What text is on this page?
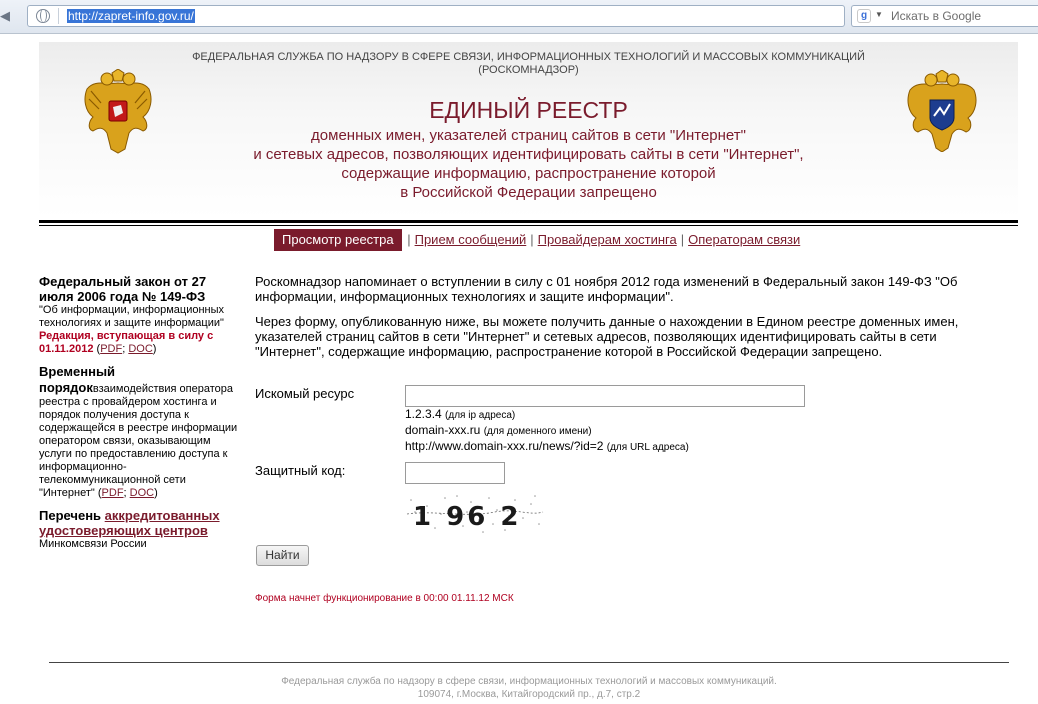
◀	http://zapret-info.gov.ru/	g ▼ Искать в Google
ФЕДЕРАЛЬНАЯ СЛУЖБА ПО НАДЗОРУ В СФЕРЕ СВЯЗИ, ИНФОРМАЦИОННЫХ ТЕХНОЛОГИЙ И МАССОВЫХ КОММУНИКАЦИЙ
(РОСКОМНАДЗОР)
ЕДИНЫЙ РЕЕСТР
доменных имен, указателей страниц сайтов в сети "Интернет"
и сетевых адресов, позволяющих идентифицировать сайты в сети "Интернет",
содержащие информацию, распространение которой
в Российской Федерации запрещено
Просмотр реестра | Прием сообщений | Провайдерам хостинга | Операторам связи
Федеральный закон от 27 июля 2006 года № 149-ФЗ
"Об информации, информационных технологиях и защите информации"
Редакция, вступающая в силу с 01.11.2012 (PDF; DOC)
Временный порядоквзаимодействия оператора реестра с провайдером хостинга и порядок получения доступа к содержащейся в реестре информации оператором связи, оказывающим услуги по предоставлению доступа к информационно-телекоммуникационной сети "Интернет" (PDF; DOC)
Перечень аккредитованных удостоверяющих центров
Минкомсвязи России

Роскомнадзор напоминает о вступлении в силу с 01 ноября 2012 года изменений в Федеральный закон 149-ФЗ "Об информации, информационных технологиях и защите информации".

Через форму, опубликованную ниже, вы можете получить данные о нахождении в Едином реестре доменных имен, указателей страниц сайтов в сети "Интернет" и сетевых адресов, позволяющих идентифицировать сайты в сети "Интернет", содержащие информацию, распространение которой в Российской Федерации запрещено.

Искомый ресурс
1.2.3.4 (для ip адреса)
domain-xxx.ru (для доменного имени)
http://www.domain-xxx.ru/news/?id=2 (для URL адреса)
Защитный код:
1 96 2
Найти
Форма начнет функционирование в 00:00 01.11.12 МСК
Федеральная служба по надзору в сфере связи, информационных технологий и массовых коммуникаций.
109074, г.Москва, Китайгородский пр., д.7, стр.2
